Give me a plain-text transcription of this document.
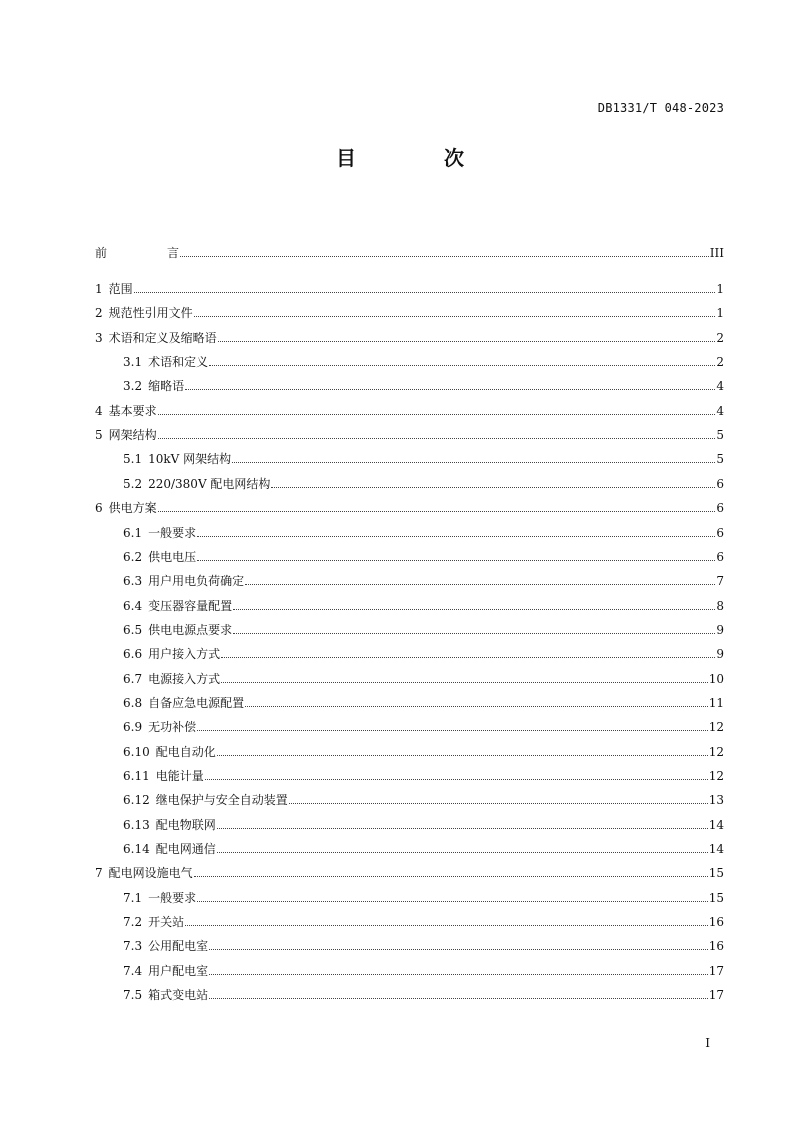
DB1331/T 048-2023
目	次
前	言	III
1 范围	1
2 规范性引用文件	1
3 术语和定义及缩略语	2
3.1 术语和定义	2
3.2 缩略语	4
4 基本要求	4
5 网架结构	5
5.1 10kV 网架结构	5
5.2 220/380V 配电网结构	6
6 供电方案	6
6.1 一般要求	6
6.2 供电电压	6
6.3 用户用电负荷确定	7
6.4 变压器容量配置	8
6.5 供电电源点要求	9
6.6 用户接入方式	9
6.7 电源接入方式	10
6.8 自备应急电源配置	11
6.9 无功补偿	12
6.10 配电自动化	12
6.11 电能计量	12
6.12 继电保护与安全自动装置	13
6.13 配电物联网	14
6.14 配电网通信	14
7 配电网设施电气	15
7.1 一般要求	15
7.2 开关站	16
7.3 公用配电室	16
7.4 用户配电室	17
7.5 箱式变电站	17
I
